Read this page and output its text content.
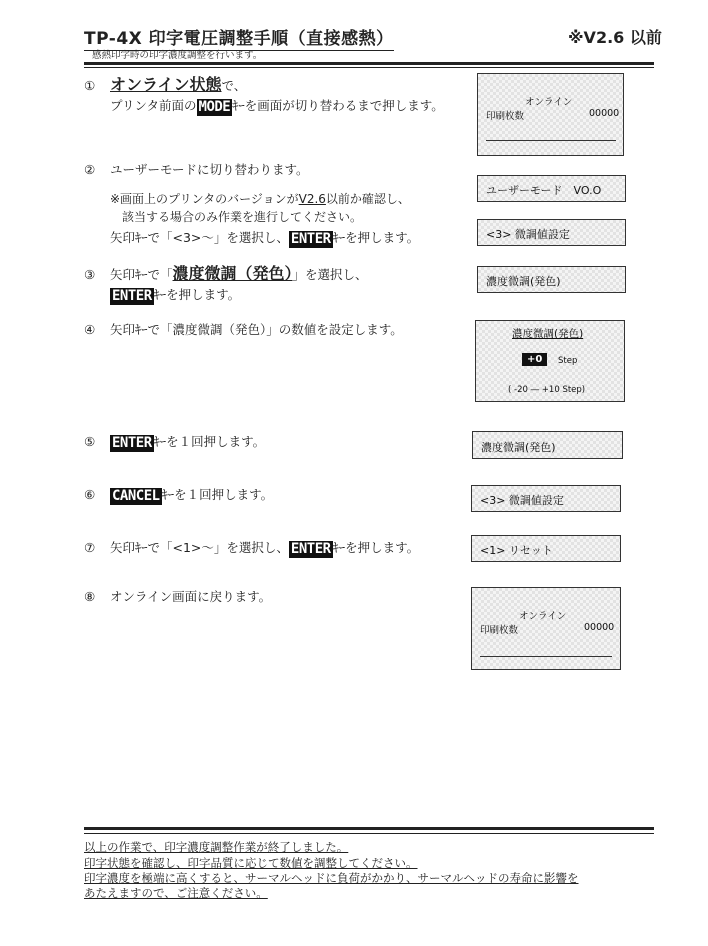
TP-4X 印字電圧調整手順（直接感熱）
感熱印字時の印字濃度調整を行います。
※V2.6 以前
① オンライン状態で、
プリンタ前面の MODE ｷｰを画面が切り替わるまで押します。	オンライン
印刷枚数	00000
② ユーザーモードに切り替わります。
※画面上のプリンタのバージョンがV2.6以前か確認し、
該当する場合のみ作業を進行してください。
矢印ｷｰで「<3>〜」を選択し、 ENTER ｷｰを押します。
ユーザーモード　VO.O
<3> 微調値設定
③ 矢印ｷｰで「濃度微調（発色）」を選択し、
ENTER ｷｰを押します。
濃度微調(発色)
④ 矢印ｷｰで「濃度微調（発色）」の数値を設定します。	濃度微調(発色)
+0	Step
( -20 ― +10 Step)
⑤ ENTER ｷｰを１回押します。	濃度微調(発色)
⑥ CANCEL ｷｰを１回押します。	<3> 微調値設定
⑦ 矢印ｷｰで「<1>〜」を選択し、 ENTER ｷｰを押します。	<1> リセット
⑧ オンライン画面に戻ります。
オンライン
印刷枚数	00000
以上の作業で、印字濃度調整作業が終了しました。
印字状態を確認し、印字品質に応じて数値を調整してください。
印字濃度を極端に高くすると、サーマルヘッドに負荷がかかり、サーマルヘッドの寿命に影響を
あたえますので、ご注意ください。
